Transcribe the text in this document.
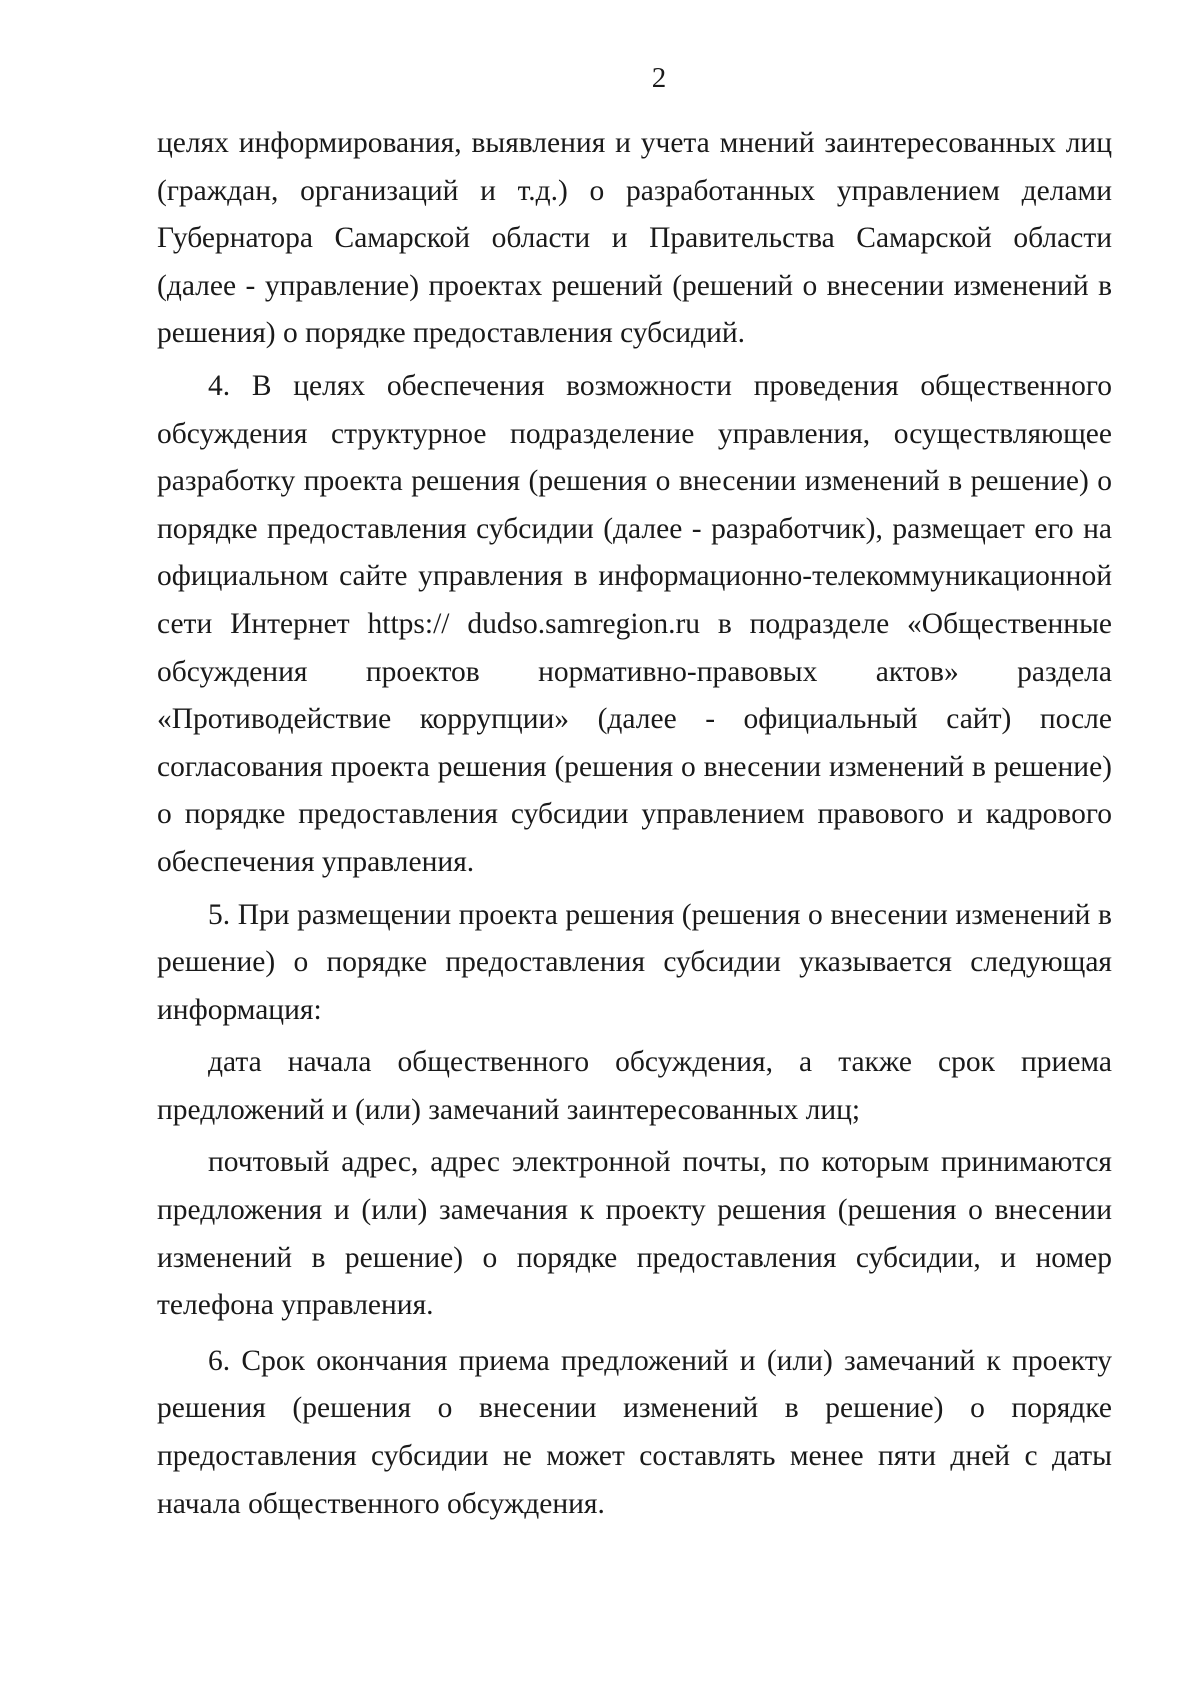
2

целях информирования, выявления и учета мнений заинтересованных лиц (граждан, организаций и т.д.) о разработанных управлением делами Губернатора Самарской области и Правительства Самарской области (далее - управление) проектах решений (решений о внесении изменений в решения) о порядке предоставления субсидий.

4. В целях обеспечения возможности проведения общественного обсуждения структурное подразделение управления, осуществляющее разработку проекта решения (решения о внесении изменений в решение) о порядке предоставления субсидии (далее - разработчик), размещает его на официальном сайте управления в информационно-телекоммуникационной сети Интернет https:// dudso.samregion.ru в подразделе «Общественные обсуждения проектов нормативно-правовых актов» раздела «Противодействие коррупции» (далее - официальный сайт) после согласования проекта решения (решения о внесении изменений в решение) о порядке предоставления субсидии управлением правового и кадрового обеспечения управления.

5. При размещении проекта решения (решения о внесении изменений в решение) о порядке предоставления субсидии указывается следующая информация:

дата начала общественного обсуждения, а также срок приема предложений и (или) замечаний заинтересованных лиц;

почтовый адрес, адрес электронной почты, по которым принимаются предложения и (или) замечания к проекту решения (решения о внесении изменений в решение) о порядке предоставления субсидии, и номер телефона управления.

6. Срок окончания приема предложений и (или) замечаний к проекту решения (решения о внесении изменений в решение) о порядке предоставления субсидии не может составлять менее пяти дней с даты начала общественного обсуждения.
